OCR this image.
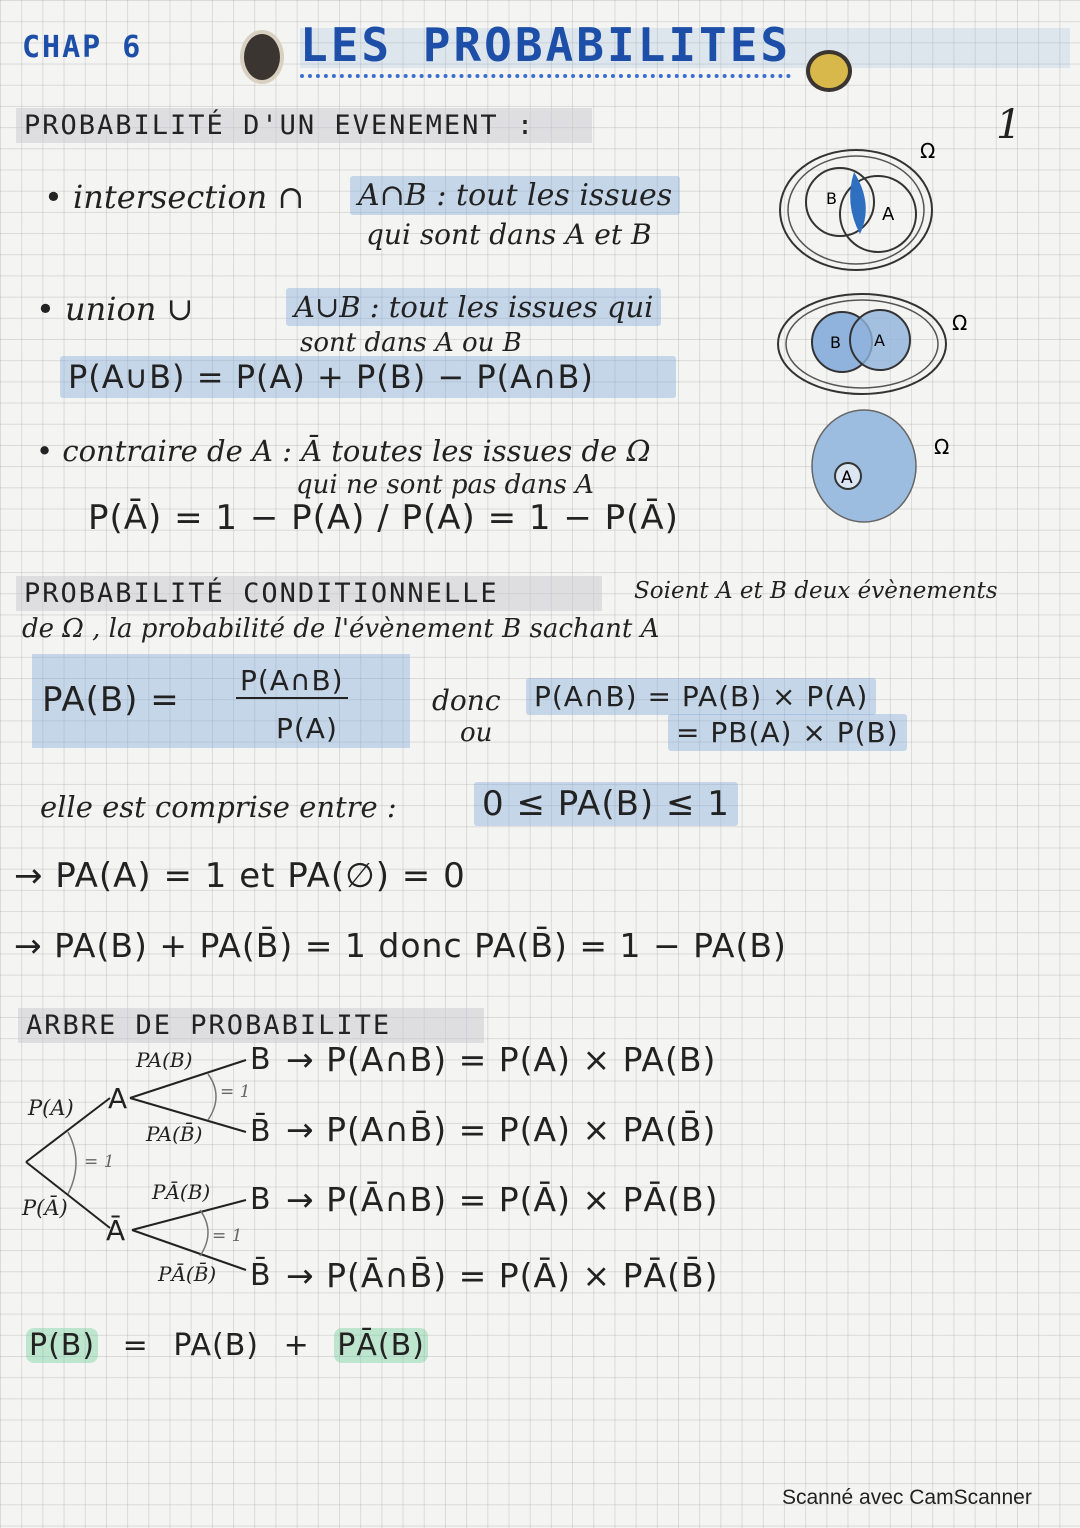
CHAP 6	LES PROBABILITES
1
PROBABILITÉ D'UN EVENEMENT :
• intersection ∩ A∩B : tout les issues
qui sont dans A et B
• union ∪	A∪B : tout les issues qui
sont dans A ou B
P(A∪B) = P(A) + P(B) − P(A∩B)
• contraire de A : Ā toutes les issues de Ω
qui ne sont pas dans A
P(Ā) = 1 − P(A) / P(A) = 1 − P(Ā)
B
A
Ω
B A
Ω
A
Ω
PROBABILITÉ CONDITIONNELLE	Soient A et B deux évènements
de Ω , la probabilité de l'évènement B sachant A
PA(B) = P(A∩B)
P(A)
donc
ou
P(A∩B) = PA(B) × P(A)
= PB(A) × P(B)
elle est comprise entre :	0 ≤ PA(B) ≤ 1
→ PA(A) = 1 et PA(∅) = 0
→ PA(B) + PA(B̄) = 1 donc PA(B̄) = 1 − PA(B)
ARBRE DE PROBABILITE
P(A)
P(Ā)
A
Ā
= 1
= 1
= 1
PA(B)
PA(B̄)
PĀ(B)
PĀ(B̄)
B
B̄
B
B̄
→ P(A∩B) = P(A) × PA(B)
→ P(A∩B̄) = P(A) × PA(B̄)
→ P(Ā∩B) = P(Ā) × PĀ(B)
→ P(Ā∩B̄) = P(Ā) × PĀ(B̄)
P(B) = PA(B) + PĀ(B)
Scanné avec CamScanner
